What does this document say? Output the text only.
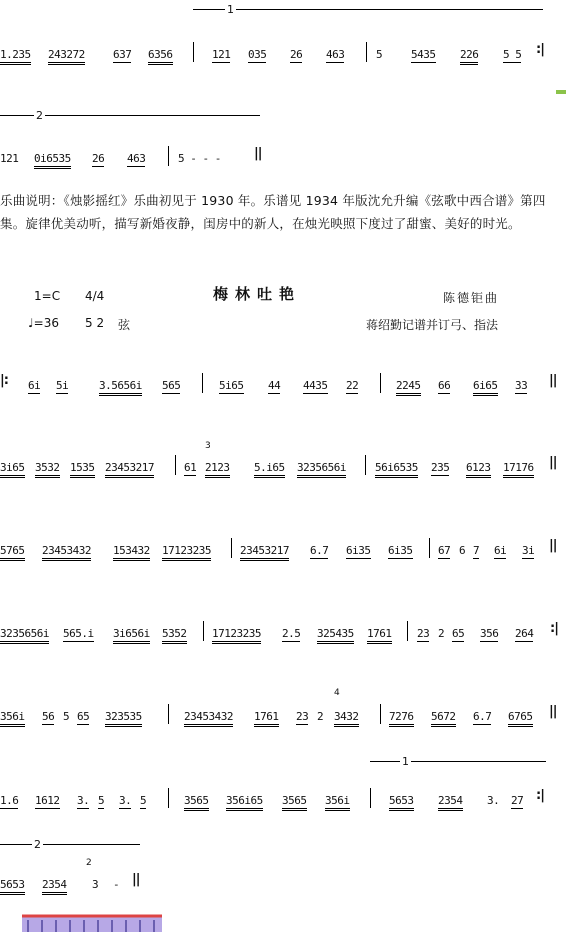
1
1.235 243272	637 6356	121 035 26 463	5	5435 226 5 5 :|
2
121 0i6535 26 463	5 - - -	||
乐曲说明：《烛影摇红》乐曲初见于 1930 年。乐谱见 1934 年版沈允升编《弦歌中西合谱》第四集。旋律优美动听，描写新婚夜静，闺房中的新人，在烛光映照下度过了甜蜜、美好的时光。
梅林吐艳
1=C 4/4
♩=36 5 2 弦
陈德钜曲
蒋绍勤记谱并订弓、指法
|: 6i 5i	3.5656i 565	5i65 44 4435 22	2245 66 6i65 33 ||
3i65 3532 1535 23453217
3
61 2123 5.i65 3235656i	56i6535 235 6123 17176 ||
5765 23453432 153432 17123235	23453217 6.7 6i35 6i35 67 6 7 6i 3i ||
3235656i 565.i 3i656i 5352 17123235 2.5 325435 1761 23 2 65 356 264 :|
356i 56 5 65 323535	23453432 1761 23 2
4
3432	7276 5672 6.7 6765 ||
1
1.6 1612 3. 5 3. 5	3565 356i65 3565 356i	5653 2354 3. 27 :|
2
5653 2354
2
3 - ||
